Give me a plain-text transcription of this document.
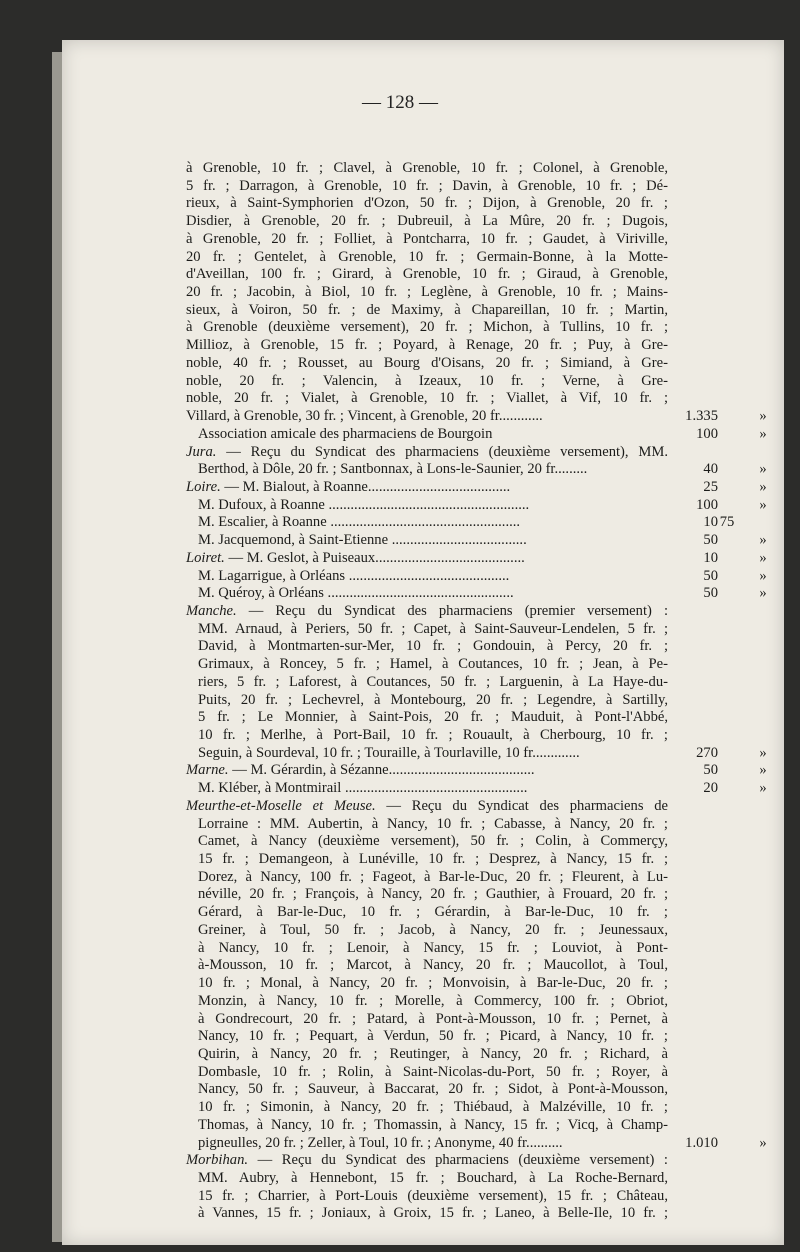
— 128 —
à Grenoble, 10 fr. ; Clavel, à Grenoble, 10 fr. ; Colonel, à Grenoble,
5 fr. ; Darragon, à Grenoble, 10 fr. ; Davin, à Grenoble, 10 fr. ; Dé-
rieux, à Saint-Symphorien d'Ozon, 50 fr. ; Dijon, à Grenoble, 20 fr. ;
Disdier, à Grenoble, 20 fr. ; Dubreuil, à La Mûre, 20 fr. ; Dugois,
à Grenoble, 20 fr. ; Folliet, à Pontcharra, 10 fr. ; Gaudet, à Viriville,
20 fr. ; Gentelet, à Grenoble, 10 fr. ; Germain-Bonne, à la Motte-
d'Aveillan, 100 fr. ; Girard, à Grenoble, 10 fr. ; Giraud, à Grenoble,
20 fr. ; Jacobin, à Biol, 10 fr. ; Leglène, à Grenoble, 10 fr. ; Mains-
sieux, à Voiron, 50 fr. ; de Maximy, à Chapareillan, 10 fr. ; Martin,
à Grenoble (deuxième versement), 20 fr. ; Michon, à Tullins, 10 fr. ;
Millioz, à Grenoble, 15 fr. ; Poyard, à Renage, 20 fr. ; Puy, à Gre-
noble, 40 fr. ; Rousset, au Bourg d'Oisans, 20 fr. ; Simiand, à Gre-
noble, 20 fr. ; Valencin, à Izeaux, 10 fr. ; Verne, à Gre-
noble, 20 fr. ; Vialet, à Grenoble, 10 fr. ; Viallet, à Vif, 10 fr. ;
Villard, à Grenoble, 30 fr. ; Vincent, à Grenoble, 20 fr............	1.335	»
Association amicale des pharmaciens de Bourgoin	100	»
Jura. — Reçu du Syndicat des pharmaciens (deuxième versement), MM.
Berthod, à Dôle, 20 fr. ; Santbonnax, à Lons-le-Saunier, 20 fr.........	40	»
Loire. — M. Bialout, à Roanne.......................................	25	»
M. Dufoux, à Roanne .......................................................	100	»
M. Escalier, à Roanne ....................................................	10 75
M. Jacquemond, à Saint-Etienne .....................................	50	»
Loiret. — M. Geslot, à Puiseaux.........................................	10	»
M. Lagarrigue, à Orléans ............................................	50	»
M. Quéroy, à Orléans ...................................................	50	»
Manche. — Reçu du Syndicat des pharmaciens (premier versement) :
MM. Arnaud, à Periers, 50 fr. ; Capet, à Saint-Sauveur-Lendelen, 5 fr. ;
David, à Montmarten-sur-Mer, 10 fr. ; Gondouin, à Percy, 20 fr. ;
Grimaux, à Roncey, 5 fr. ; Hamel, à Coutances, 10 fr. ; Jean, à Pe-
riers, 5 fr. ; Laforest, à Coutances, 50 fr. ; Larguenin, à La Haye-du-
Puits, 20 fr. ; Lechevrel, à Montebourg, 20 fr. ; Legendre, à Sartilly,
5 fr. ; Le Monnier, à Saint-Pois, 20 fr. ; Mauduit, à Pont-l'Abbé,
10 fr. ; Merlhe, à Port-Bail, 10 fr. ; Rouault, à Cherbourg, 10 fr. ;
Seguin, à Sourdeval, 10 fr. ; Touraille, à Tourlaville, 10 fr.............	270	»
Marne. — M. Gérardin, à Sézanne........................................	50	»
M. Kléber, à Montmirail ..................................................	20	»
Meurthe-et-Moselle et Meuse. — Reçu du Syndicat des pharmaciens de
Lorraine : MM. Aubertin, à Nancy, 10 fr. ; Cabasse, à Nancy, 20 fr. ;
Camet, à Nancy (deuxième versement), 50 fr. ; Colin, à Commerçy,
15 fr. ; Demangeon, à Lunéville, 10 fr. ; Desprez, à Nancy, 15 fr. ;
Dorez, à Nancy, 100 fr. ; Fageot, à Bar-le-Duc, 20 fr. ; Fleurent, à Lu-
néville, 20 fr. ; François, à Nancy, 20 fr. ; Gauthier, à Frouard, 20 fr. ;
Gérard, à Bar-le-Duc, 10 fr. ; Gérardin, à Bar-le-Duc, 10 fr. ;
Greiner, à Toul, 50 fr. ; Jacob, à Nancy, 20 fr. ; Jeunessaux,
à Nancy, 10 fr. ; Lenoir, à Nancy, 15 fr. ; Louviot, à Pont-
à-Mousson, 10 fr. ; Marcot, à Nancy, 20 fr. ; Maucollot, à Toul,
10 fr. ; Monal, à Nancy, 20 fr. ; Monvoisin, à Bar-le-Duc, 20 fr. ;
Monzin, à Nancy, 10 fr. ; Morelle, à Commercy, 100 fr. ; Obriot,
à Gondrecourt, 20 fr. ; Patard, à Pont-à-Mousson, 10 fr. ; Pernet, à
Nancy, 10 fr. ; Pequart, à Verdun, 50 fr. ; Picard, à Nancy, 10 fr. ;
Quirin, à Nancy, 20 fr. ; Reutinger, à Nancy, 20 fr. ; Richard, à
Dombasle, 10 fr. ; Rolin, à Saint-Nicolas-du-Port, 50 fr. ; Royer, à
Nancy, 50 fr. ; Sauveur, à Baccarat, 20 fr. ; Sidot, à Pont-à-Mousson,
10 fr. ; Simonin, à Nancy, 20 fr. ; Thiébaud, à Malzéville, 10 fr. ;
Thomas, à Nancy, 10 fr. ; Thomassin, à Nancy, 15 fr. ; Vicq, à Champ-
pigneulles, 20 fr. ; Zeller, à Toul, 10 fr. ; Anonyme, 40 fr..........	1.010	»
Morbihan. — Reçu du Syndicat des pharmaciens (deuxième versement) :
MM. Aubry, à Hennebont, 15 fr. ; Bouchard, à La Roche-Bernard,
15 fr. ; Charrier, à Port-Louis (deuxième versement), 15 fr. ; Château,
à Vannes, 15 fr. ; Joniaux, à Groix, 15 fr. ; Laneo, à Belle-Ile, 10 fr. ;
